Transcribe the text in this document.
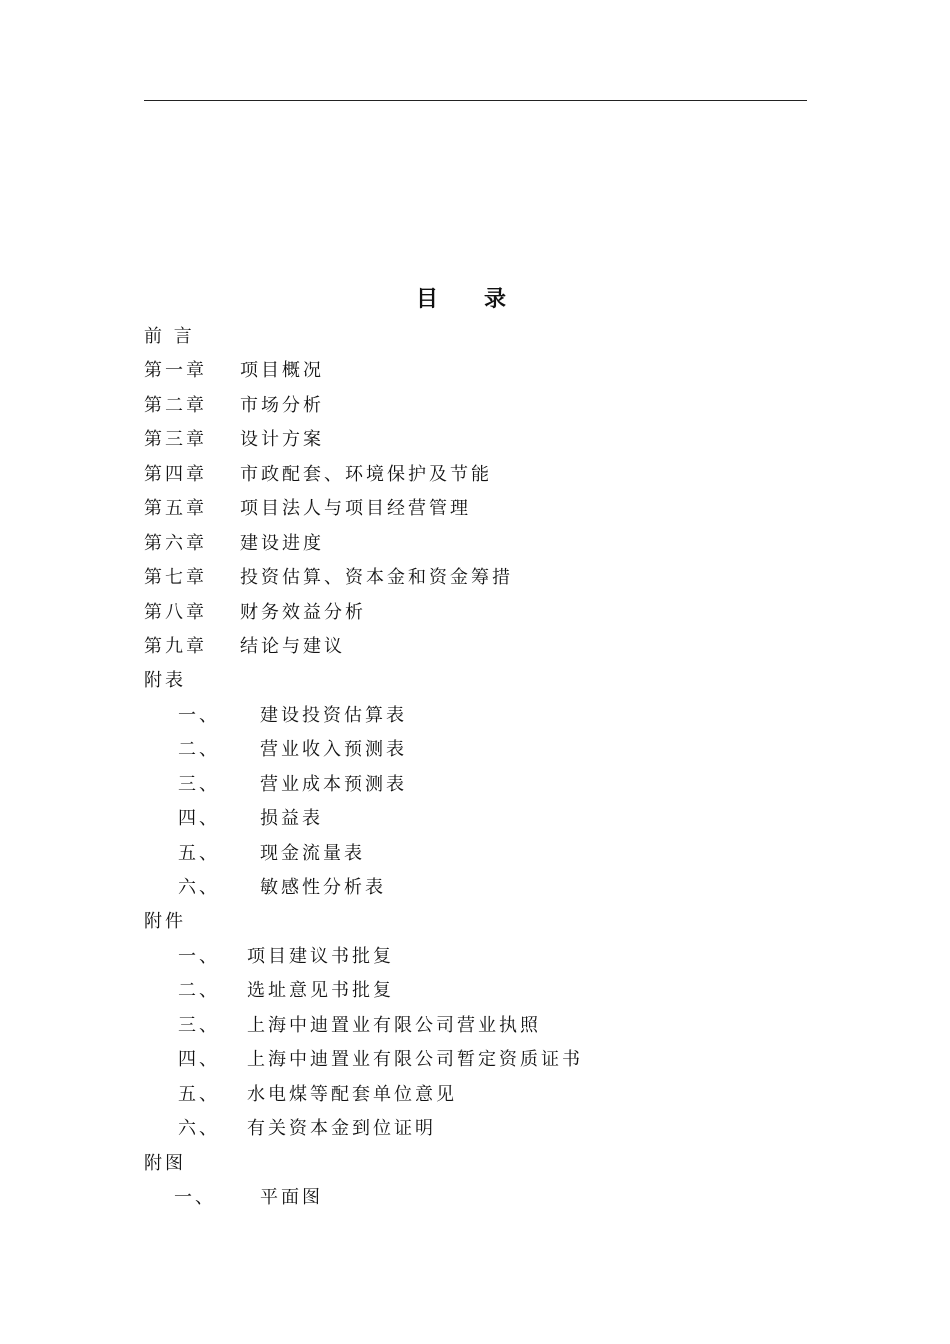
目录
前 言
第一章 项目概况
第二章 市场分析
第三章 设计方案
第四章 市政配套、环境保护及节能
第五章 项目法人与项目经营管理
第六章 建设进度
第七章 投资估算、资本金和资金筹措
第八章 财务效益分析
第九章 结论与建议
附表
一、 建设投资估算表
二、 营业收入预测表
三、 营业成本预测表
四、 损益表
五、 现金流量表
六、 敏感性分析表
附件
一、 项目建议书批复
二、 选址意见书批复
三、 上海中迪置业有限公司营业执照
四、 上海中迪置业有限公司暂定资质证书
五、 水电煤等配套单位意见
六、 有关资本金到位证明
附图
一、 平面图
